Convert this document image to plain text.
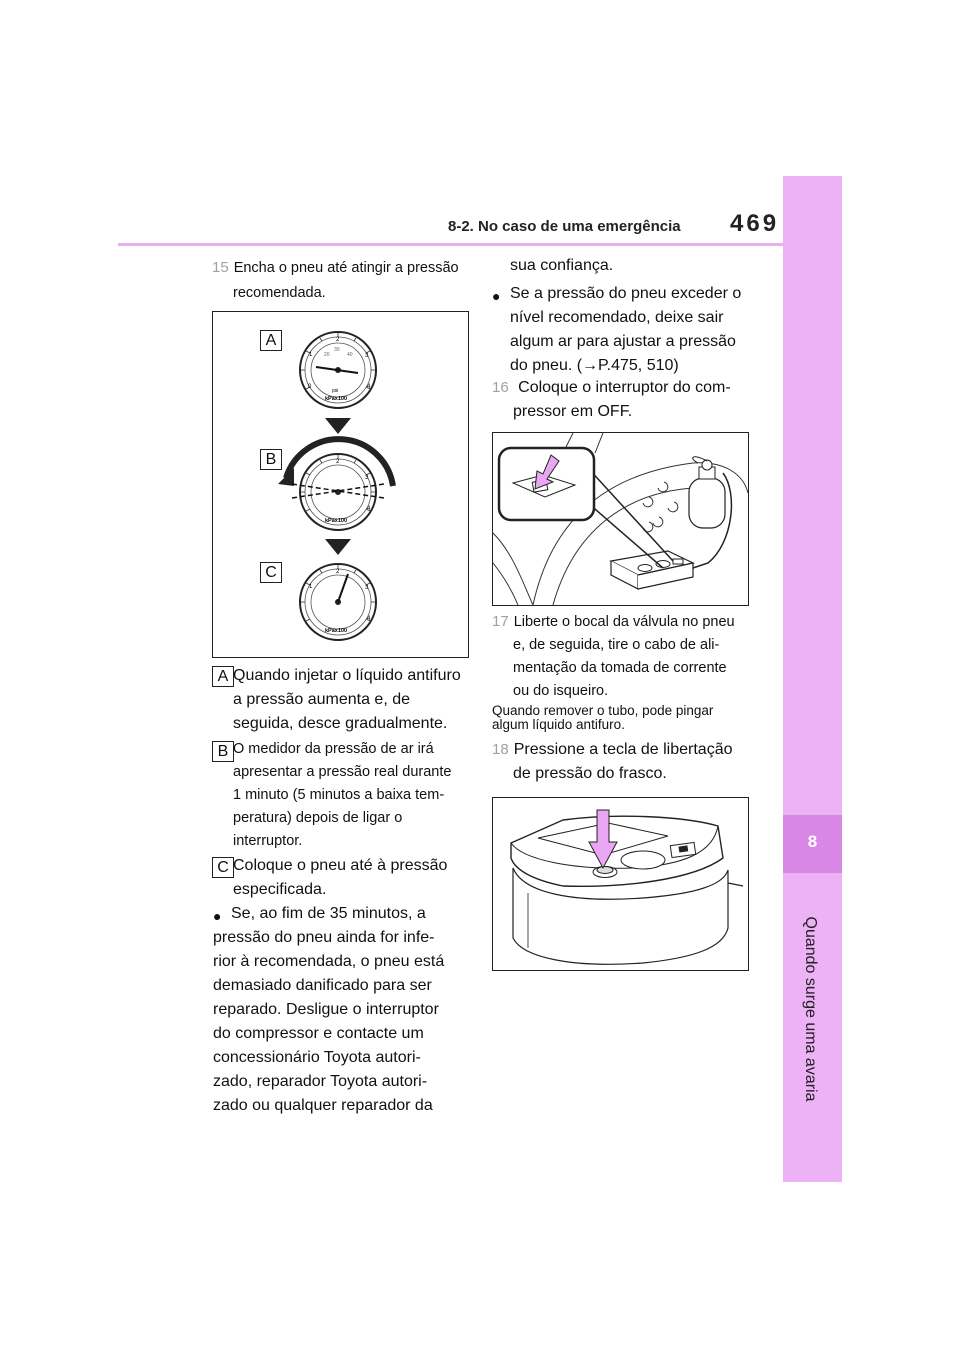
8
Quando surge uma avaria
8-2. No caso de uma emergência 469
15 Encha o pneu até atingir a pressão
recomendada.
2
1	3
4
0
20
30
40
psi
kPax100
2
3
4
kPax100
2
1	3
4
kPax100
A
B
C
A Quando injetar o líquido antifuro
a pressão aumenta e, de
seguida, desce gradualmente.
B O medidor da pressão de ar irá
apresentar a pressão real durante
1 minuto (5 minutos a baixa tem-
peratura) depois de ligar o
interruptor.
C Coloque o pneu até à pressão
especificada.
● Se, ao fim de 35 minutos, a
pressão do pneu ainda for infe-
rior à recomendada, o pneu está
demasiado danificado para ser
reparado. Desligue o interruptor
do compressor e contacte um
concessionário Toyota autori-
zado, reparador Toyota autori-
zado ou qualquer reparador da
sua confiança.
● Se a pressão do pneu exceder o
nível recomendado, deixe sair
algum ar para ajustar a pressão
do pneu. (→P.475, 510)
16 Coloque o interruptor do com-
pressor em OFF.
17 Liberte o bocal da válvula no pneu
e, de seguida, tire o cabo de ali-
mentação da tomada de corrente
ou do isqueiro.
Quando remover o tubo, pode pingar
algum líquido antifuro.
18 Pressione a tecla de libertação
de pressão do frasco.
